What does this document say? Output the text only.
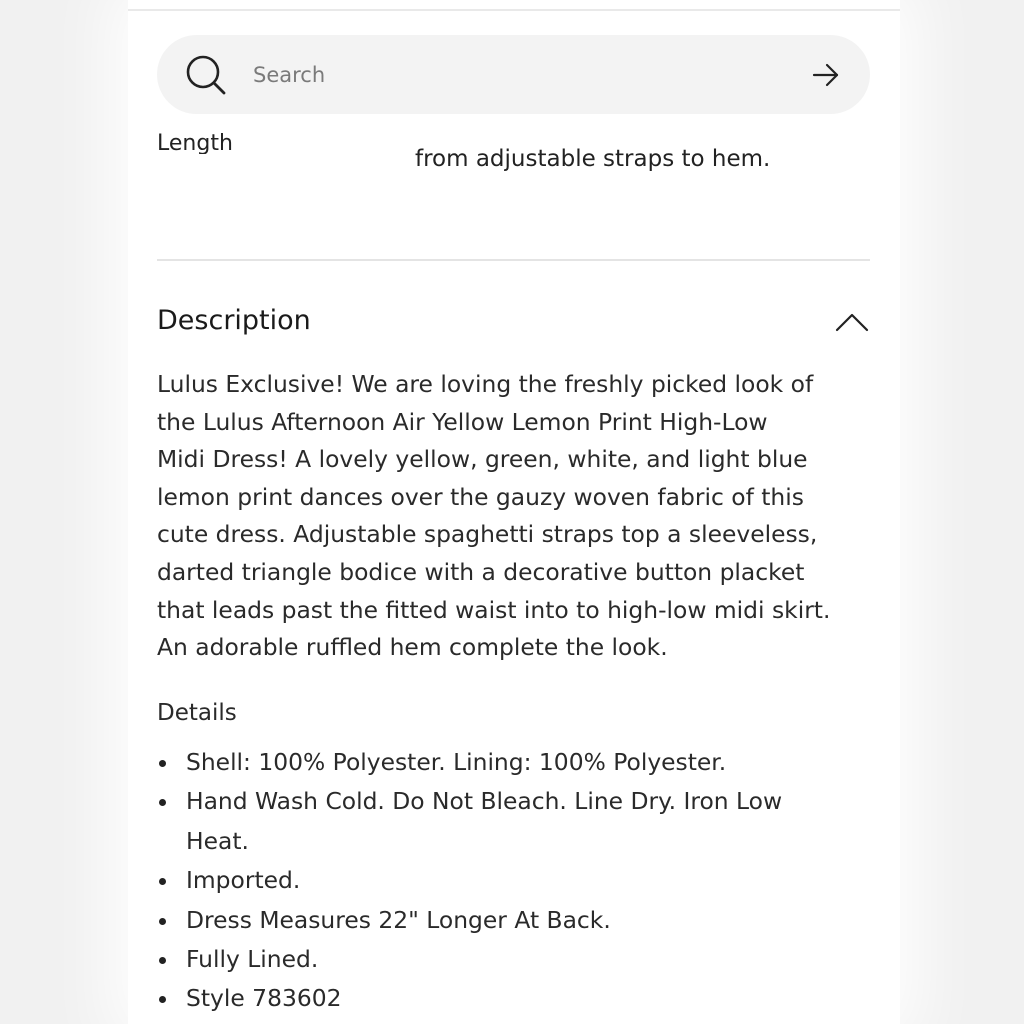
Search
Length
from adjustable straps to hem.
Description
Lulus Exclusive! We are loving the freshly picked look of
the Lulus Afternoon Air Yellow Lemon Print High-Low
Midi Dress! A lovely yellow, green, white, and light blue
lemon print dances over the gauzy woven fabric of this
cute dress. Adjustable spaghetti straps top a sleeveless,
darted triangle bodice with a decorative button placket
that leads past the fitted waist into to high-low midi skirt.
An adorable ruffled hem complete the look.
Details
Shell: 100% Polyester. Lining: 100% Polyester.
Hand Wash Cold. Do Not Bleach. Line Dry. Iron Low Heat.
Imported.
Dress Measures 22" Longer At Back.
Fully Lined.
Style 783602
